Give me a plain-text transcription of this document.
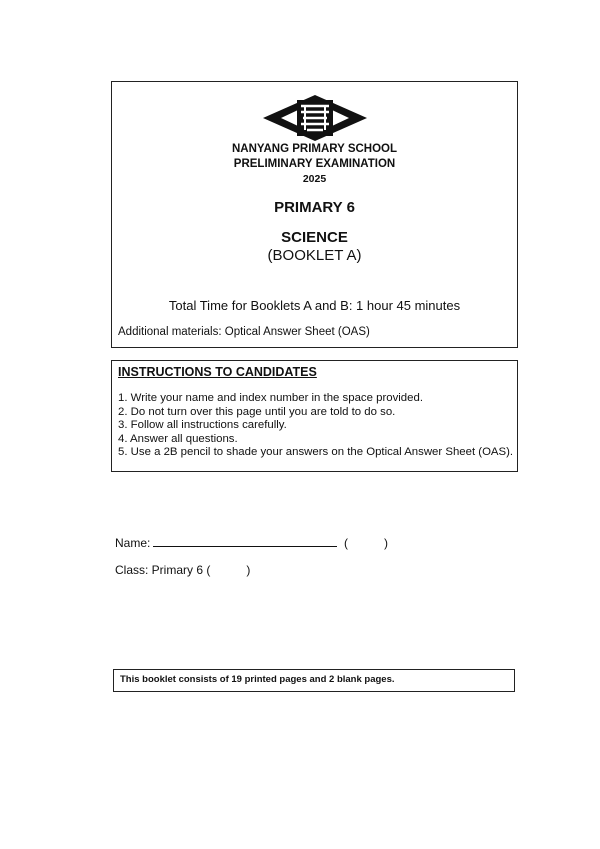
NANYANG PRIMARY SCHOOL
PRELIMINARY EXAMINATION
2025
PRIMARY 6
SCIENCE
(BOOKLET A)
Total Time for Booklets A and B: 1 hour 45 minutes
Additional materials: Optical Answer Sheet (OAS)
INSTRUCTIONS TO CANDIDATES
1. Write your name and index number in the space provided.
2. Do not turn over this page until you are told to do so.
3. Follow all instructions carefully.
4. Answer all questions.
5. Use a 2B pencil to shade your answers on the Optical Answer Sheet (OAS).
Name:	(	)
Class: Primary 6 (	)
This booklet consists of 19 printed pages and 2 blank pages.
